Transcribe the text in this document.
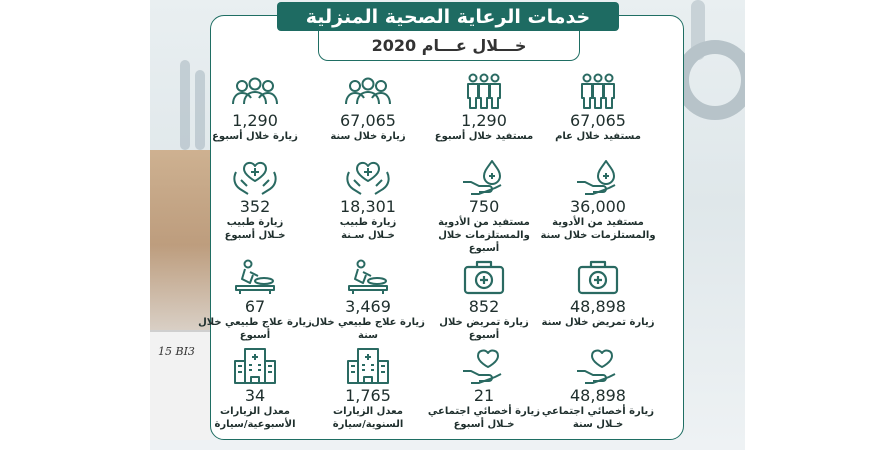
15 BI3
خدمات الرعاية الصحية المنزلية
خـــلال عـــام 2020
67,065
مستفيد خلال عام
1,290
مستفيد خلال أسبوع
67,065
زيارة خلال سنة
1,290
زيارة خلال أسبوع
36,000
مستفيد من الأدوية
والمستلزمات خلال سنة
750
مستفيد من الأدوية
والمستلزمات خلال أسبوع
18,301
زيارة طبيب
خـلال سـنة
352
زيارة طبيب
خـلال أسبوع
48,898
زيارة تمريض خلال سنة
852
زيارة تمريض خلال أسبوع
3,469
زيارة علاج طبيعي خلال سنة
67
زيارة علاج طبيعي خلال أسبوع
48,898
زيارة أخصائي اجتماعي
خـلال سنة
21
زيارة أخصائي اجتماعي
خـلال أسبوع
1,765
معدل الزيارات
السنوية/سيارة
34
معدل الزيارات
الأسبوعية/سيارة
